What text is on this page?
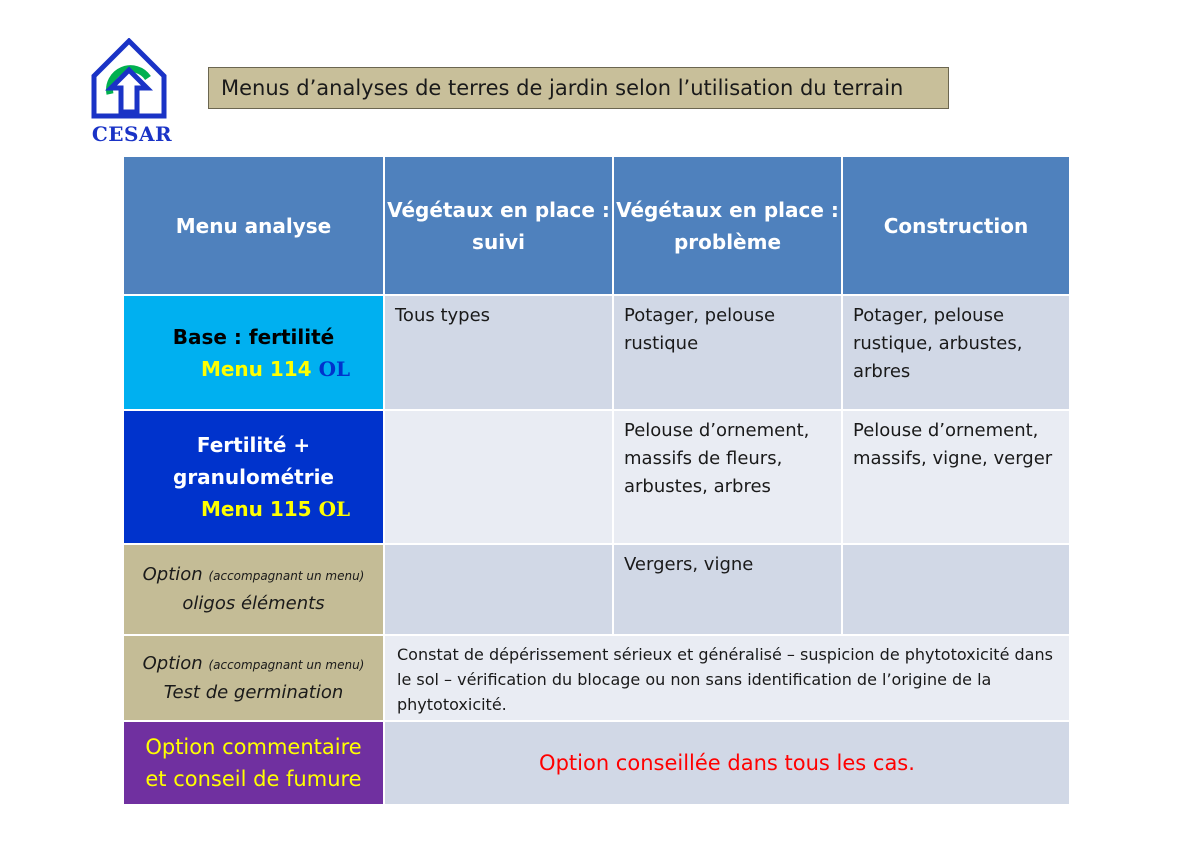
CESAR
Menus d’analyses de terres de jardin selon l’utilisation du terrain
Menu analyse	Végétaux en place : suivi	Végétaux en place : problème	Construction

Base : fertilité
Menu 114 OL	Tous types	Potager, pelouse rustique	Potager, pelouse rustique, arbustes, arbres

Fertilité +
granulométrie
Menu 115 OL		Pelouse d’ornement, massifs de fleurs, arbustes, arbres	Pelouse d’ornement, massifs, vigne, verger

Option (accompagnant un menu)
oligos éléments		Vergers, vigne	

Option (accompagnant un menu)
Test de germination	Constat de dépérissement sérieux et généralisé – suspicion de phytotoxicité dans le sol – vérification du blocage ou non sans identification de l’origine de la phytotoxicité.		

Option commentaire
et conseil de fumure	Option conseillée dans tous les cas.		
